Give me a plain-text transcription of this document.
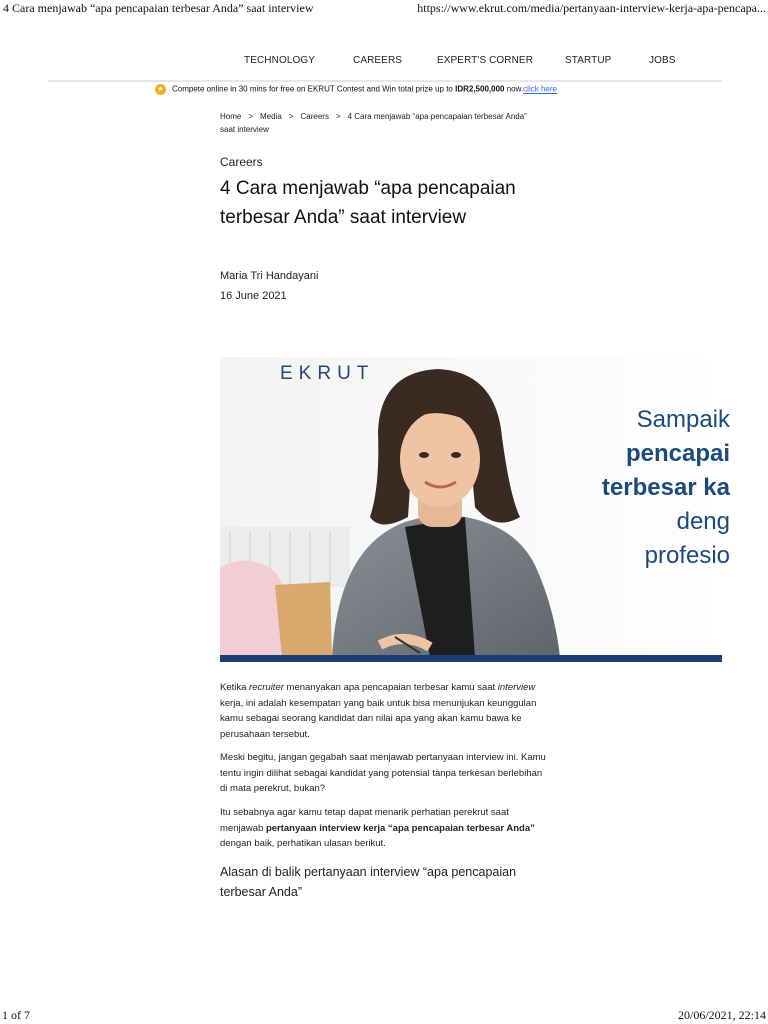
4 Cara menjawab “apa pencapaian terbesar Anda” saat interview	https://www.ekrut.com/media/pertanyaan-interview-kerja-apa-pencapa...
TECHNOLOGY	CAREERS	EXPERT'S CORNER	STARTUP	JOBS
★ Compete online in 30 mins for free on EKRUT Contest and Win total prize up to IDR2,500,000 now.click here
Home > Media > Careers > 4 Cara menjawab “apa pencapaian terbesar Anda” saat interview
Careers
4 Cara menjawab “apa pencapaian terbesar Anda” saat interview
Maria Tri Handayani
16 June 2021
EKRUT
Sampaik
pencapai
terbesar ka
deng
profesio

Ketika recruiter menanyakan apa pencapaian terbesar kamu saat interview kerja, ini adalah kesempatan yang baik untuk bisa menunjukan keunggulan kamu sebagai seorang kandidat dan nilai apa yang akan kamu bawa ke perusahaan tersebut.

Meski begitu, jangan gegabah saat menjawab pertanyaan interview ini. Kamu tentu ingin dilihat sebagai kandidat yang potensial tanpa terkesan berlebihan di mata perekrut, bukan?

Itu sebabnya agar kamu tetap dapat menarik perhatian perekrut saat menjawab pertanyaan interview kerja “apa pencapaian terbesar Anda” dengan baik, perhatikan ulasan berikut.

Alasan di balik pertanyaan interview “apa pencapaian terbesar Anda”
1 of 7	20/06/2021, 22:14
